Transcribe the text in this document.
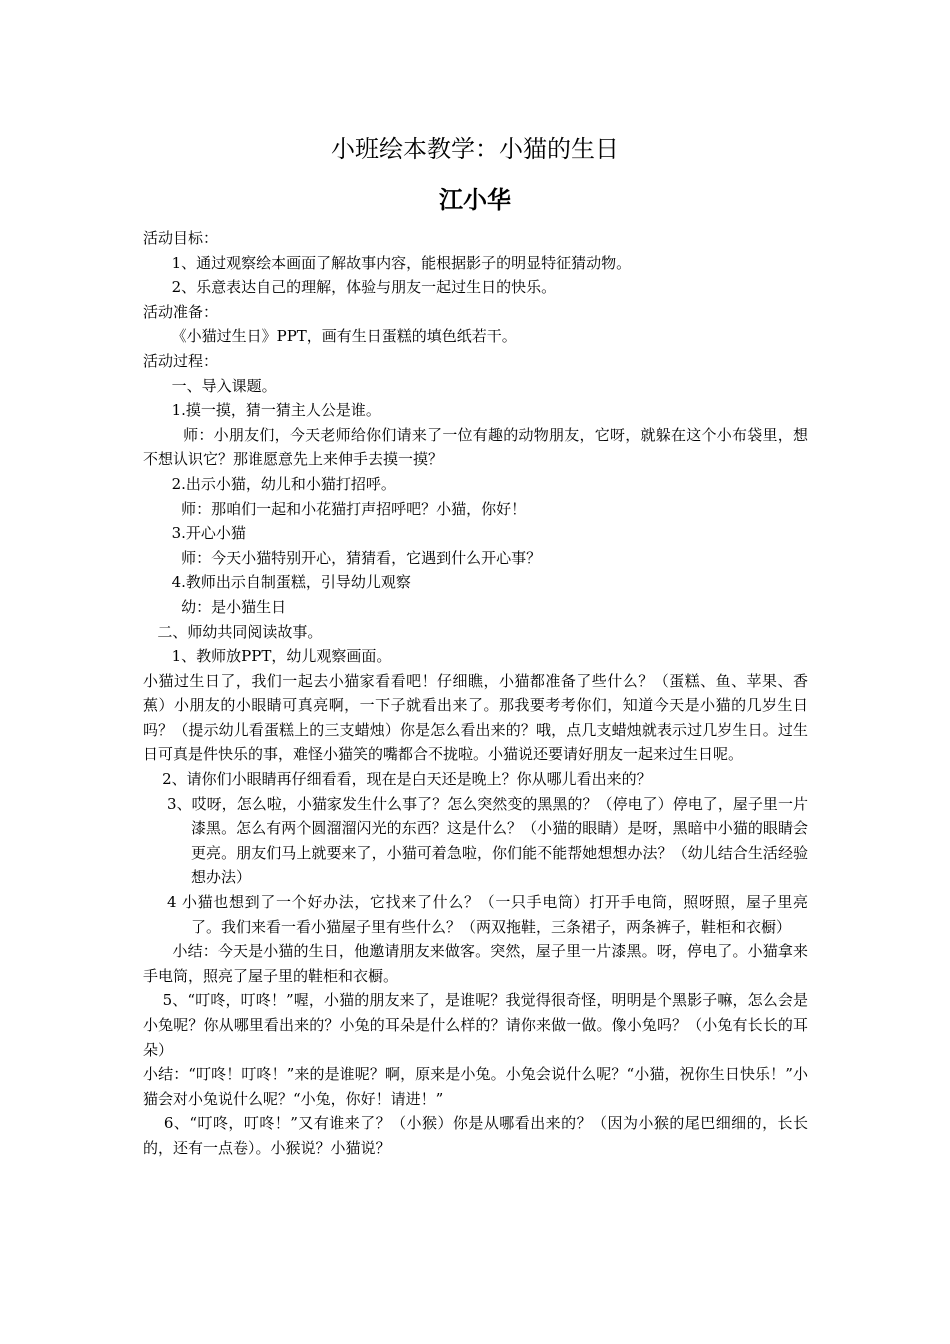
小班绘本教学：小猫的生日
江小华

活动目标：

1、通过观察绘本画面了解故事内容，能根据影子的明显特征猜动物。

2、乐意表达自己的理解，体验与朋友一起过生日的快乐。

活动准备：

《小猫过生日》PPT，画有生日蛋糕的填色纸若干。

活动过程：

一、导入课题。

1.摸一摸，猜一猜主人公是谁。

师：小朋友们，今天老师给你们请来了一位有趣的动物朋友，它呀，就躲在这个小布袋里，想不想认识它？那谁愿意先上来伸手去摸一摸？

2.出示小猫，幼儿和小猫打招呼。

师：那咱们一起和小花猫打声招呼吧？小猫，你好！

3.开心小猫

师：今天小猫特别开心，猜猜看，它遇到什么开心事？

4.教师出示自制蛋糕，引导幼儿观察

幼：是小猫生日

二、师幼共同阅读故事。

1、教师放PPT，幼儿观察画面。

小猫过生日了，我们一起去小猫家看看吧！仔细瞧，小猫都准备了些什么？（蛋糕、鱼、苹果、香蕉）小朋友的小眼睛可真亮啊，一下子就看出来了。那我要考考你们，知道今天是小猫的几岁生日吗？（提示幼儿看蛋糕上的三支蜡烛）你是怎么看出来的？哦，点几支蜡烛就表示过几岁生日。过生日可真是件快乐的事，难怪小猫笑的嘴都合不拢啦。小猫说还要请好朋友一起来过生日呢。

2、请你们小眼睛再仔细看看，现在是白天还是晚上？你从哪儿看出来的？

3、哎呀，怎么啦，小猫家发生什么事了？怎么突然变的黑黑的？（停电了）停电了，屋子里一片漆黑。怎么有两个圆溜溜闪光的东西？这是什么？（小猫的眼睛）是呀，黑暗中小猫的眼睛会更亮。朋友们马上就要来了，小猫可着急啦，你们能不能帮她想想办法？（幼儿结合生活经验想办法）

4 小猫也想到了一个好办法，它找来了什么？（一只手电筒）打开手电筒，照呀照，屋子里亮了。我们来看一看小猫屋子里有些什么？（两双拖鞋，三条裙子，两条裤子，鞋柜和衣橱）

小结：今天是小猫的生日，他邀请朋友来做客。突然，屋子里一片漆黑。呀，停电了。小猫拿来手电筒，照亮了屋子里的鞋柜和衣橱。

5、“叮咚，叮咚！”喔，小猫的朋友来了，是谁呢？我觉得很奇怪，明明是个黑影子嘛，怎么会是小兔呢？你从哪里看出来的？小兔的耳朵是什么样的？请你来做一做。像小兔吗？（小兔有长长的耳朵）

小结：“叮咚！叮咚！”来的是谁呢？啊，原来是小兔。小兔会说什么呢？“小猫，祝你生日快乐！”小猫会对小兔说什么呢？“小兔，你好！请进！”

6、“叮咚，叮咚！”又有谁来了？（小猴）你是从哪看出来的？（因为小猴的尾巴细细的，长长的，还有一点卷）。小猴说？小猫说？
